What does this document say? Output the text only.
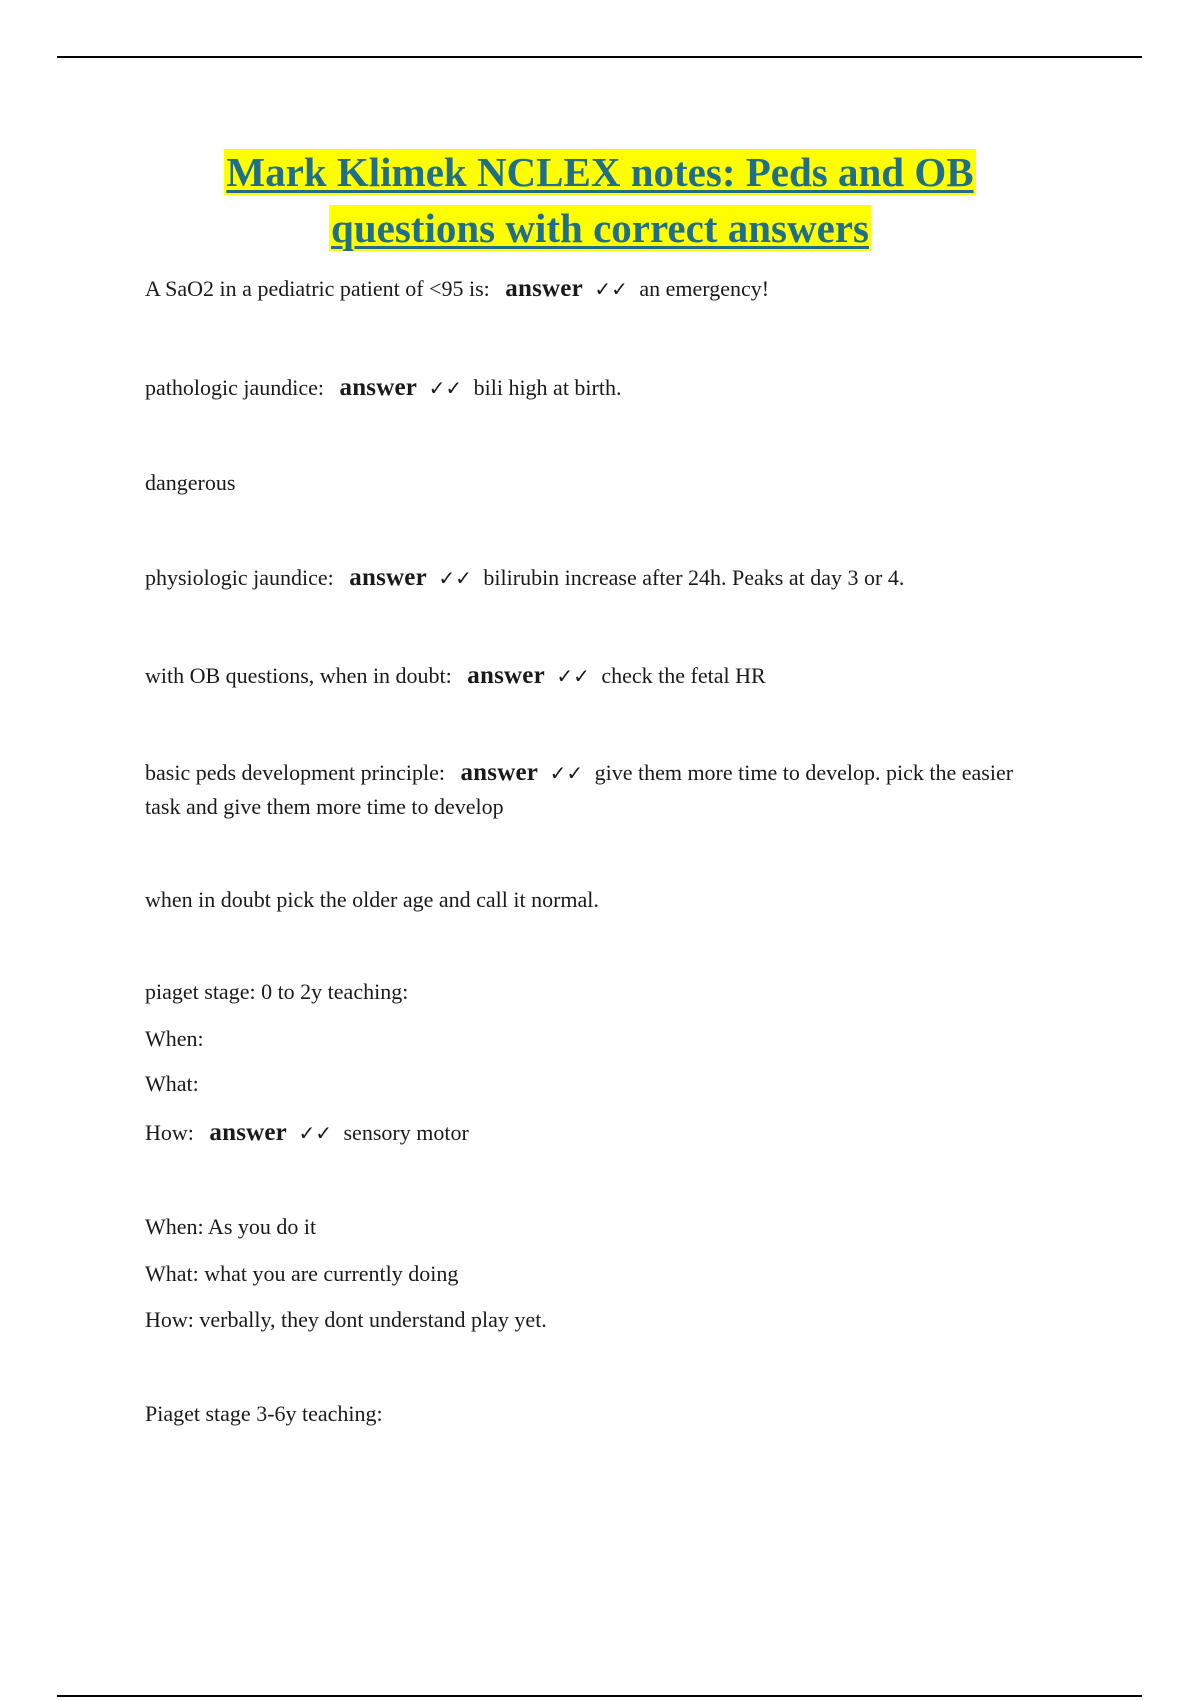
Mark Klimek NCLEX notes: Peds and OB
questions with correct answers

A SaO2 in a pediatric patient of <95 is: answer ✓✓ an emergency!

pathologic jaundice: answer ✓✓ bili high at birth.

dangerous

physiologic jaundice: answer ✓✓ bilirubin increase after 24h. Peaks at day 3 or 4.

with OB questions, when in doubt: answer ✓✓ check the fetal HR

basic peds development principle: answer ✓✓ give them more time to develop. pick the easier task and give them more time to develop

when in doubt pick the older age and call it normal.

piaget stage: 0 to 2y teaching:

When:

What:

How: answer ✓✓ sensory motor

When: As you do it

What: what you are currently doing

How: verbally, they dont understand play yet.

Piaget stage 3-6y teaching:
